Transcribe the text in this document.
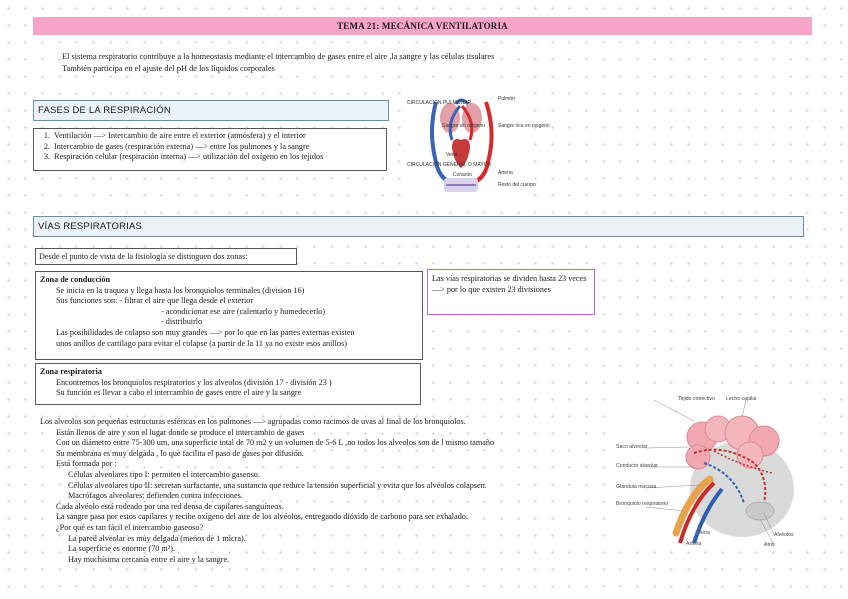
TEMA 21: MECÁNICA VENTILATORIA
El sistema respiratorio contribuye a la homeostasis mediante el intercambio de gases entre el aire ,la sangre y las células tisulares
También participa en el ajuste del pH de los líquidos corporales
FASES DE LA RESPIRACIÓN
1. Ventilación —> Intercambio de aire entre el exterior (atmósfera) y el interior
2. Intercambio de gases (respiración externa) —> entre los pulmones y la sangre
3. Respiración celular (respiración interna) —> utilización del oxígeno en los tejidos
CIRCULACIÓN PULMONAR
CIRCULACIÓN GENERAL O MAYOR
Pulmón
Sangre sin oxígeno	Sangre rica en oxígeno
Vena
Corazón	Arteria
Resto del cuerpo
VÍAS RESPIRATORIAS
Desde el punto de vista de la fisiología se distinguen dos zonas:
Zona de conducción
Se inicia en la traquea y llega hasta los bronquiolos terminales (division 16)
Sus funciones son: - filtrar el aire que llega desde el exterior
- acondicionar ese aire (calentarlo y humedecerlo)
- distribuirlo
Las posibilidades de colapso son muy grandes —> por lo que en las partes externas existen
unos anillos de cartilago para evitar el colapse (a partir de la 11 ya no existe esos anillos)
Las vías respiratorias se dividen hasta 23 veces —> por lo que existen 23 divisiones
Zona respiratoria
Encontremos los bronquiolos respiratorios y los alveolos (división 17 - división 23 )
Su función es llevar a cabo el intercambio de gases entre el aire y la sangre
Los alveolos son pequeñas estructuras esféricas en los pulmones —> agrupadas como racimos de uvas al final de los bronquiolos.
Están llenos de aire y son el lugar donde se produce el intercambio de gases
Con un diámetro entre 75-300 um, una superficie total de 70 m2 y un volumen de 5-6 L ,no todos los alveolos son de l mismo tamaño
Su membrana es muy delgada , lo que facilita el paso de gases por difusión.
Está formada por :
Células alveolares tipo I: permiten el intercambio gaseoso.
Células alveolares tipo II: secretan surfactante, una sustancia que reduce la tensión superficial y evita que los alvéolos colapsen.
Macrófagos alveolares: defienden contra infecciones.
Cada alvéolo está rodeado por una red densa de capilares sanguíneos.
La sangre pasa por estos capilares y recibe oxígeno del aire de los alvéolos, entregando dióxido de carbono para ser exhalado.
¿Por qué es tan fácil el intercambio gaseoso?
La pared alveolar es muy delgada (menos de 1 micra).
La superficie es enorme (70 m²).
Hay muchísima cercanía entre el aire y la sangre.
Tejido conectivo Lecho capilar
Saco alveolar
Conducto alveolar
Glándula mucosa
Bronquiolo respiratorio
Vena
Arteria
Alvéolos
Atrio
